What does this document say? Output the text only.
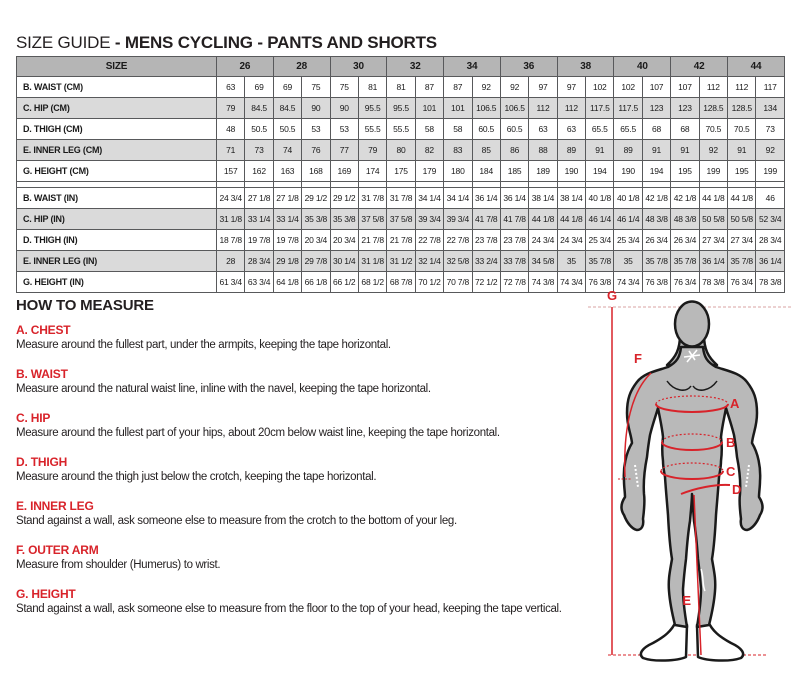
SIZE GUIDE - MENS CYCLING - PANTS AND SHORTS
SIZE	26		28		30		32		34		36		38		40		42		44	
B. WAIST (CM)	63	69	69	75	75	81	81	87	87	92	92	97	97	102	102	107	107	112	112	117
C. HIP (CM)	79	84.5	84.5	90	90	95.5	95.5	101	101	106.5	106.5	112	112	117.5	117.5	123	123	128.5	128.5	134
D. THIGH (CM)	48	50.5	50.5	53	53	55.5	55.5	58	58	60.5	60.5	63	63	65.5	65.5	68	68	70.5	70.5	73
E. INNER LEG (CM)	71	73	74	76	77	79	80	82	83	85	86	88	89	91	89	91	91	92	91	92
G. HEIGHT (CM)	157	162	163	168	169	174	175	179	180	184	185	189	190	194	190	194	195	199	195	199

B. WAIST (IN)	24 3/4	27 1/8	27 1/8	29 1/2	29 1/2	31 7/8	31 7/8	34 1/4	34 1/4	36 1/4	36 1/4	38 1/4	38 1/4	40 1/8	40 1/8	42 1/8	42 1/8	44 1/8	44 1/8	46
C. HIP (IN)	31 1/8	33 1/4	33 1/4	35 3/8	35 3/8	37 5/8	37 5/8	39 3/4	39 3/4	41 7/8	41 7/8	44 1/8	44 1/8	46 1/4	46 1/4	48 3/8	48 3/8	50 5/8	50 5/8	52 3/4
D. THIGH (IN)	18 7/8	19 7/8	19 7/8	20 3/4	20 3/4	21 7/8	21 7/8	22 7/8	22 7/8	23 7/8	23 7/8	24 3/4	24 3/4	25 3/4	25 3/4	26 3/4	26 3/4	27 3/4	27 3/4	28 3/4
E. INNER LEG (IN)	28	28 3/4	29 1/8	29 7/8	30 1/4	31 1/8	31 1/2	32 1/4	32 5/8	33 2/4	33 7/8	34 5/8	35	35 7/8	35	35 7/8	35 7/8	36 1/4	35 7/8	36 1/4
G. HEIGHT (IN)	61 3/4	63 3/4	64 1/8	66 1/8	66 1/2	68 1/2	68 7/8	70 1/2	70 7/8	72 1/2	72 7/8	74 3/8	74 3/4	76 3/8	74 3/4	76 3/8	76 3/4	78 3/8	76 3/4	78 3/8
HOW TO MEASURE
A. CHEST

Measure around the fullest part, under the armpits, keeping the tape horizontal.

B. WAIST

Measure around the natural waist line, inline with the navel, keeping the tape horizontal.

C. HIP

Measure around the fullest part of your hips, about 20cm below waist line, keeping the tape horizontal.

D. THIGH

Measure around the thigh just below the crotch, keeping the tape horizontal.

E. INNER LEG

Stand against a wall, ask someone else to measure from the crotch to the bottom of your leg.

F. OUTER ARM

Measure from shoulder (Humerus) to wrist.

G. HEIGHT

Stand against a wall, ask someone else to measure from the floor to the top of your head, keeping the tape vertical.

G
F
A
B
C
D
E
